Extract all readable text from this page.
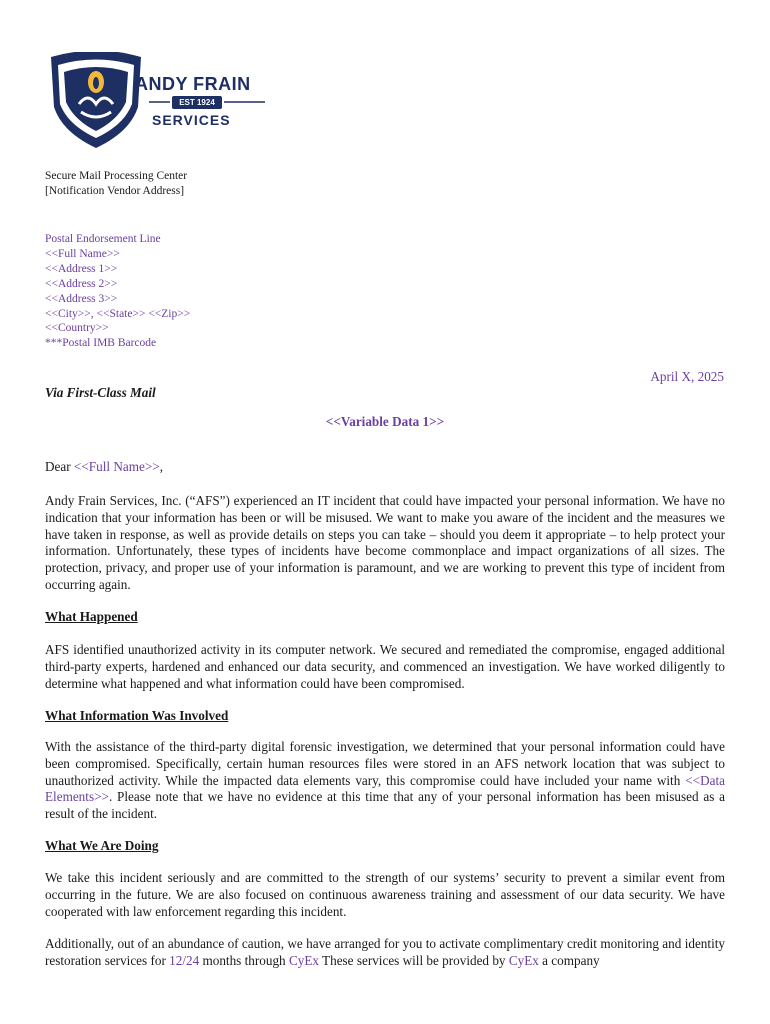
ANDY FRAIN
EST 1924
SERVICES
Secure Mail Processing Center
[Notification Vendor Address]
Postal Endorsement Line
<<Full Name>>
<<Address 1>>
<<Address 2>>
<<Address 3>>
<<City>>, <<State>> <<Zip>>
<<Country>>
***Postal IMB Barcode
April X, 2025
Via First-Class Mail
<<Variable Data 1>>
Dear <<Full Name>>,
Andy Frain Services, Inc. (“AFS”) experienced an IT incident that could have impacted your personal information. We have no indication that your information has been or will be misused. We want to make you aware of the incident and the measures we have taken in response, as well as provide details on steps you can take – should you deem it appropriate – to help protect your information. Unfortunately, these types of incidents have become commonplace and impact organizations of all sizes. The protection, privacy, and proper use of your information is paramount, and we are working to prevent this type of incident from occurring again.
What Happened
AFS identified unauthorized activity in its computer network. We secured and remediated the compromise, engaged additional third-party experts, hardened and enhanced our data security, and commenced an investigation. We have worked diligently to determine what happened and what information could have been compromised.
What Information Was Involved
With the assistance of the third-party digital forensic investigation, we determined that your personal information could have been compromised. Specifically, certain human resources files were stored in an AFS network location that was subject to unauthorized activity. While the impacted data elements vary, this compromise could have included your name with <<Data Elements>>. Please note that we have no evidence at this time that any of your personal information has been misused as a result of the incident.
What We Are Doing
We take this incident seriously and are committed to the strength of our systems’ security to prevent a similar event from occurring in the future. We are also focused on continuous awareness training and assessment of our data security. We have cooperated with law enforcement regarding this incident.
Additionally, out of an abundance of caution, we have arranged for you to activate complimentary credit monitoring and identity restoration services for 12/24 months through CyEx These services will be provided by CyEx a company
